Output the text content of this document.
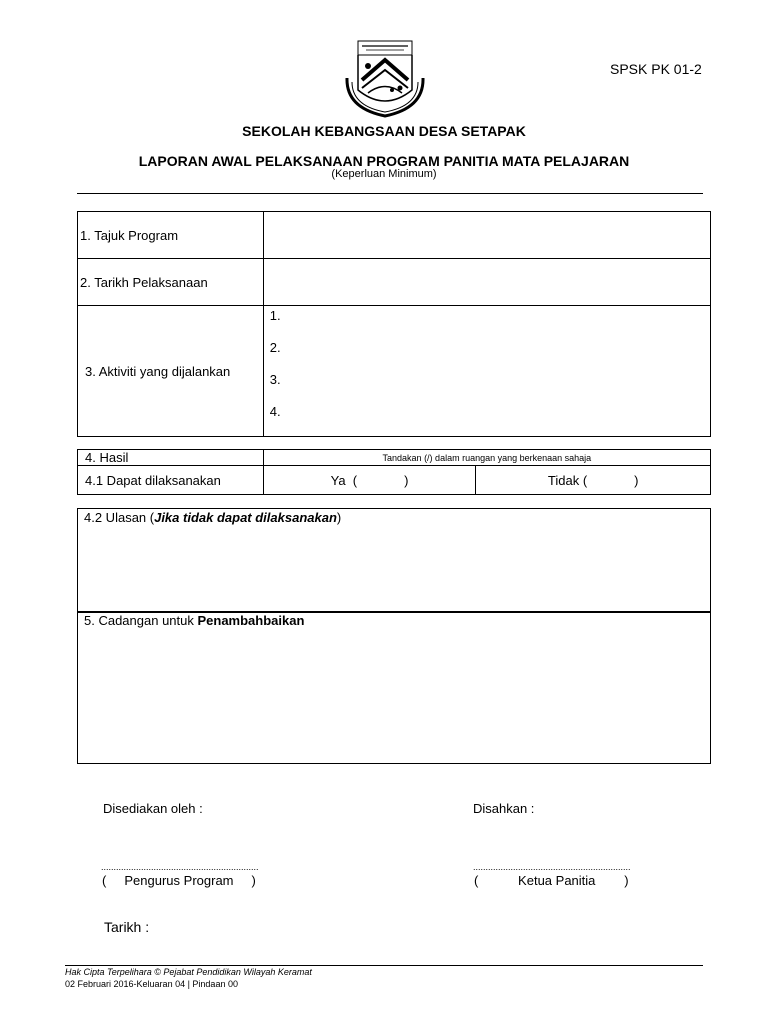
SPSK PK 01-2
SEKOLAH KEBANGSAAN DESA SETAPAK
LAPORAN AWAL PELAKSANAAN PROGRAM PANITIA MATA PELAJARAN
(Keperluan Minimum)
1. Tajuk Program	
2. Tarikh Pelaksanaan	
3. Aktiviti yang dijalankan	1.
2.
3.
4.
4. Hasil	Tandakan (/) dalam ruangan yang berkenaan sahaja	
4.1 Dapat dilaksanakan	Ya  (             )	Tidak (             )
4.2 Ulasan (Jika tidak dapat dilaksanakan)
5. Cadangan untuk Penambahbaikan
Disediakan oleh :	Disahkan :
...............................................................	...............................................................
(     Pengurus Program     )	(           Ketua Panitia        )
Tarikh :
Hak Cipta Terpelihara © Pejabat Pendidikan Wilayah Keramat
02 Februari 2016-Keluaran 04 | Pindaan 00
